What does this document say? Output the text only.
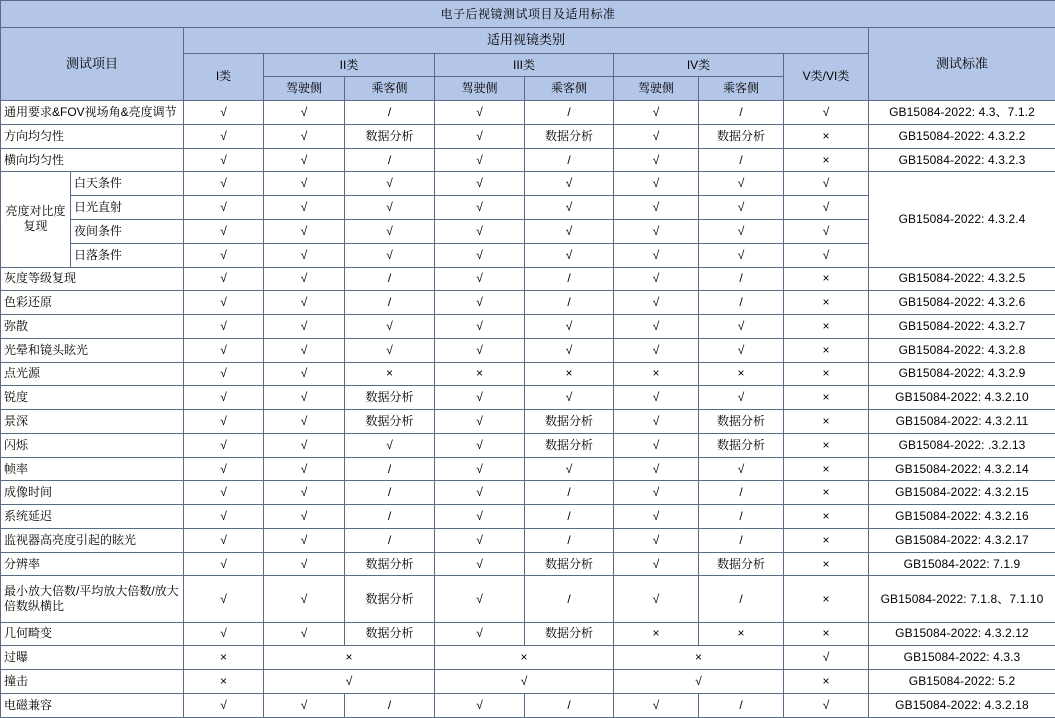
电子后视镜测试项目及适用标准										
测试项目		适用视镜类别								测试标准
		I类	II类		III类		IV类		V类/VI类	
			驾驶侧	乘客侧	驾驶侧	乘客侧	驾驶侧	乘客侧		
通用要求&FOV视场角&亮度调节		√	√	/	√	/	√	/	√	GB15084-2022: 4.3、7.1.2
方向均匀性		√	√	数据分析	√	数据分析	√	数据分析	×	GB15084-2022: 4.3.2.2
横向均匀性		√	√	/	√	/	√	/	×	GB15084-2022: 4.3.2.3
亮度对比度复现	白天条件	√	√	√	√	√	√	√	√	GB15084-2022: 4.3.2.4
	日光直射	√	√	√	√	√	√	√	√	
	夜间条件	√	√	√	√	√	√	√	√	
	日落条件	√	√	√	√	√	√	√	√	
灰度等级复现		√	√	/	√	/	√	/	×	GB15084-2022: 4.3.2.5
色彩还原		√	√	/	√	/	√	/	×	GB15084-2022: 4.3.2.6
弥散		√	√	√	√	√	√	√	×	GB15084-2022: 4.3.2.7
光晕和镜头眩光		√	√	√	√	√	√	√	×	GB15084-2022: 4.3.2.8
点光源		√	√	×	×	×	×	×	×	GB15084-2022: 4.3.2.9
锐度		√	√	数据分析	√	√	√	√	×	GB15084-2022: 4.3.2.10
景深		√	√	数据分析	√	数据分析	√	数据分析	×	GB15084-2022: 4.3.2.11
闪烁		√	√	√	√	数据分析	√	数据分析	×	GB15084-2022: .3.2.13
帧率		√	√	/	√	√	√	√	×	GB15084-2022: 4.3.2.14
成像时间		√	√	/	√	/	√	/	×	GB15084-2022: 4.3.2.15
系统延迟		√	√	/	√	/	√	/	×	GB15084-2022: 4.3.2.16
监视器高亮度引起的眩光		√	√	/	√	/	√	/	×	GB15084-2022: 4.3.2.17
分辨率		√	√	数据分析	√	数据分析	√	数据分析	×	GB15084-2022: 7.1.9
最小放大倍数/平均放大倍数/放大倍数纵横比		√	√	数据分析	√	/	√	/	×	GB15084-2022: 7.1.8、7.1.10
几何畸变		√	√	数据分析	√	数据分析	×	×	×	GB15084-2022: 4.3.2.12
过曝		×	×		×		×		√	GB15084-2022: 4.3.3
撞击		×	√		√		√		×	GB15084-2022: 5.2
电磁兼容		√	√	/	√	/	√	/	√	GB15084-2022: 4.3.2.18
